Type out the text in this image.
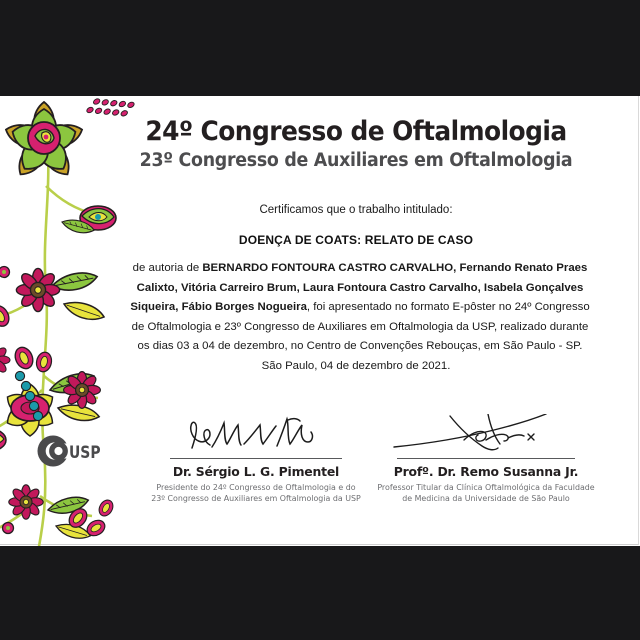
USP
24º Congresso de Oftalmologia
23º Congresso de Auxiliares em Oftalmologia
Certificamos que o trabalho intitulado:
DOENÇA DE COATS: RELATO DE CASO
de autoria de BERNARDO FONTOURA CASTRO CARVALHO, Fernando Renato Praes Calixto, Vitória Carreiro Brum, Laura Fontoura Castro Carvalho, Isabela Gonçalves Siqueira, Fábio Borges Nogueira, foi apresentado no formato E-pôster no 24º Congresso de Oftalmologia e 23º Congresso de Auxiliares em Oftalmologia da USP, realizado durante os dias 03 a 04 de dezembro, no Centro de Convenções Rebouças, em São Paulo - SP.
São Paulo, 04 de dezembro de 2021.
Dr. Sérgio L. G. Pimentel
Presidente do 24º Congresso de Oftalmologia e do
23º Congresso de Auxiliares em Oftalmologia da USP
Profº. Dr. Remo Susanna Jr.
Professor Titular da Clínica Oftalmológica da Faculdade
de Medicina da Universidade de São Paulo
